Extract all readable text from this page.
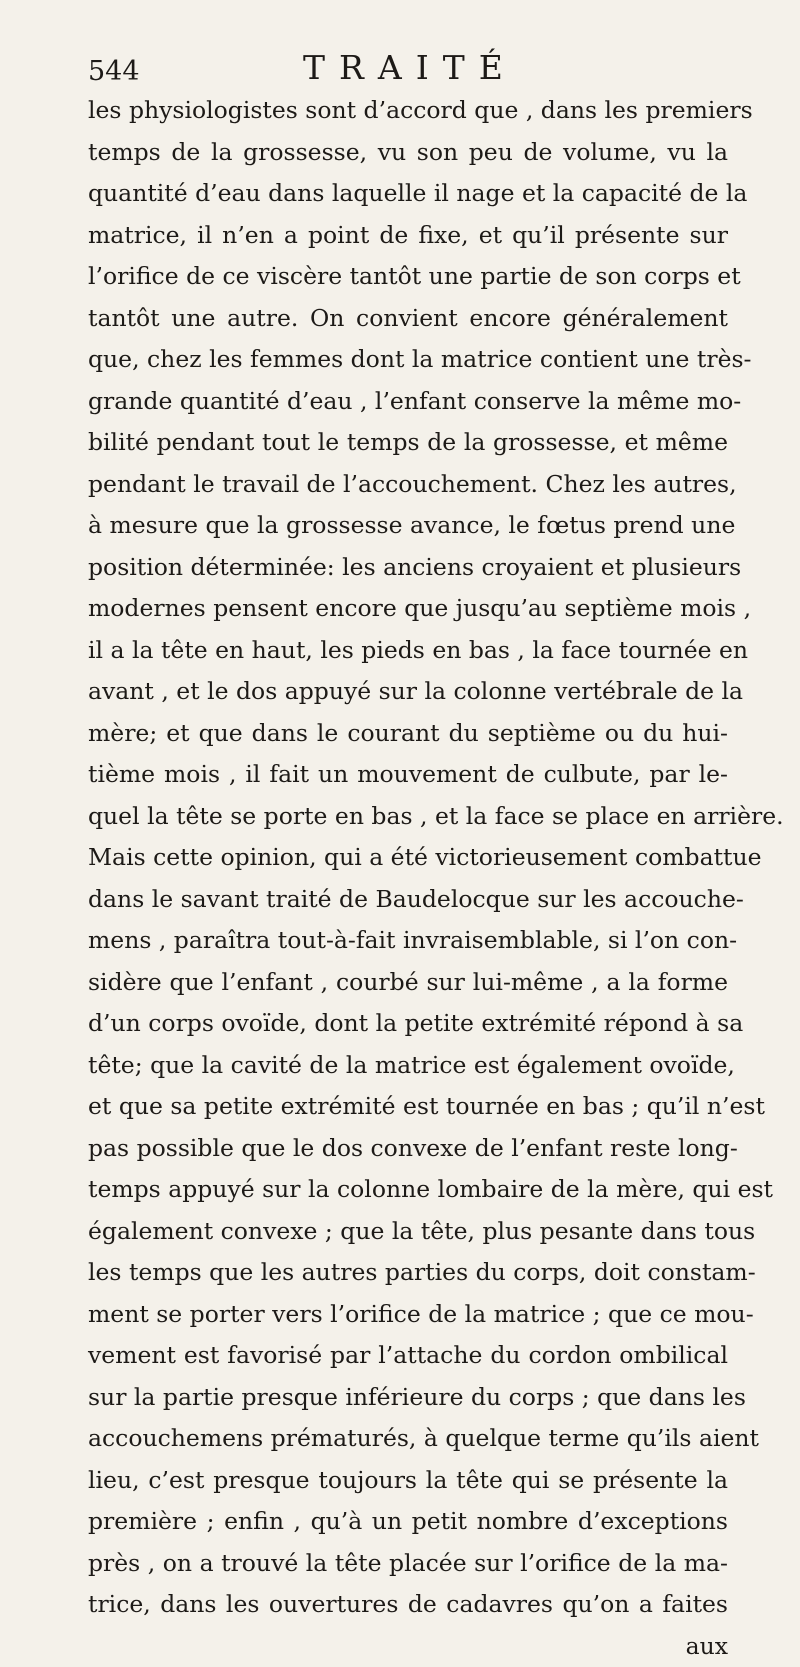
544	TRAITÉ
les physiologistes sont d’accord que , dans les premiers
temps de la grossesse, vu son peu de volume, vu la
quantité d’eau dans laquelle il nage et la capacité de la
matrice, il n’en a point de fixe, et qu’il présente sur
l’orifice de ce viscère tantôt une partie de son corps et
tantôt une autre. On convient encore généralement
que, chez les femmes dont la matrice contient une très-
grande quantité d’eau , l’enfant conserve la même mo-
bilité pendant tout le temps de la grossesse, et même
pendant le travail de l’accouchement. Chez les autres,
à mesure que la grossesse avance, le fœtus prend une
position déterminée: les anciens croyaient et plusieurs
modernes pensent encore que jusqu’au septième mois ,
il a la tête en haut, les pieds en bas , la face tournée en
avant , et le dos appuyé sur la colonne vertébrale de la
mère; et que dans le courant du septième ou du hui-
tième mois , il fait un mouvement de culbute, par le-
quel la tête se porte en bas , et la face se place en arrière.
Mais cette opinion, qui a été victorieusement combattue
dans le savant traité de Baudelocque sur les accouche-
mens , paraîtra tout-à-fait invraisemblable, si l’on con-
sidère que l’enfant , courbé sur lui-même , a la forme
d’un corps ovoïde, dont la petite extrémité répond à sa
tête; que la cavité de la matrice est également ovoïde,
et que sa petite extrémité est tournée en bas ; qu’il n’est
pas possible que le dos convexe de l’enfant reste long-
temps appuyé sur la colonne lombaire de la mère, qui est
également convexe ; que la tête, plus pesante dans tous
les temps que les autres parties du corps, doit constam-
ment se porter vers l’orifice de la matrice ; que ce mou-
vement est favorisé par l’attache du cordon ombilical
sur la partie presque inférieure du corps ; que dans les
accouchemens prématurés, à quelque terme qu’ils aient
lieu, c’est presque toujours la tête qui se présente la
première ; enfin , qu’à un petit nombre d’exceptions
près , on a trouvé la tête placée sur l’orifice de la ma-
trice, dans les ouvertures de cadavres qu’on a faites
aux
